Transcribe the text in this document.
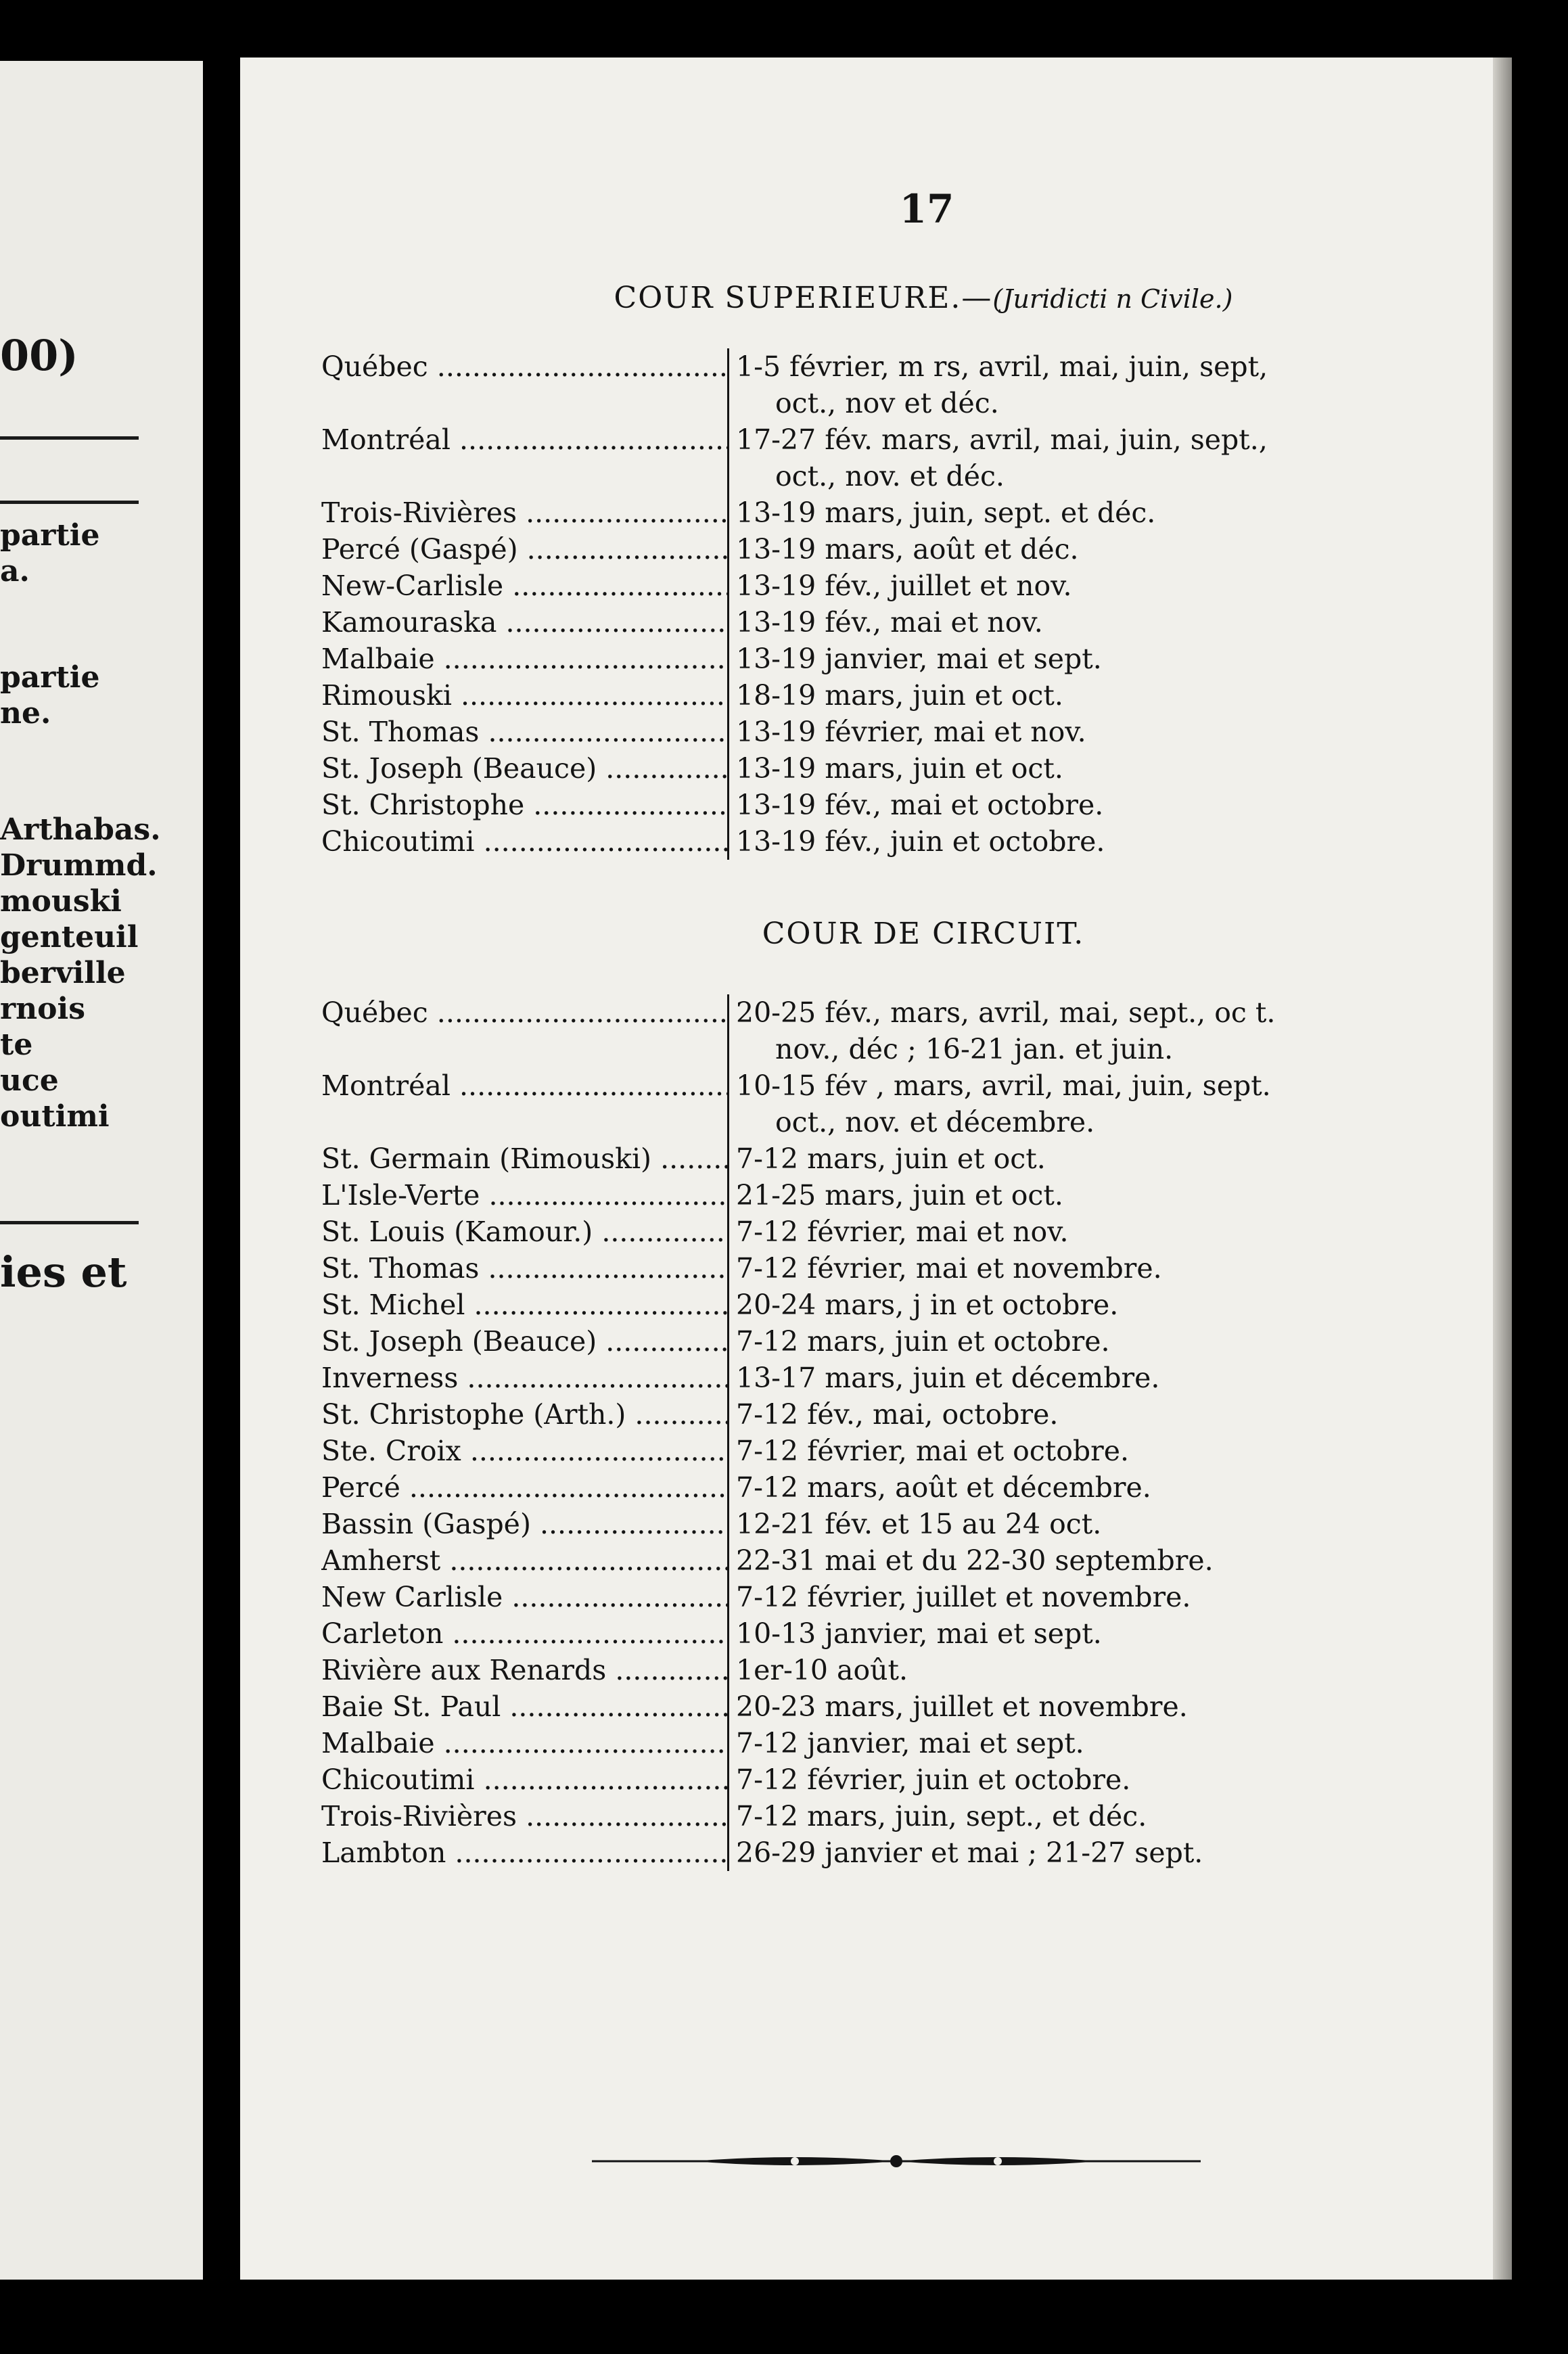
00)
partie
a.
partie
ne.
Arthabas.
Drummd.
mouski
genteuil
berville
rnois
te
uce
outimi
ies et
17
COUR SUPERIEURE.—(Juridicti n Civile.)
Québec .....	1-5 février, m rs, avril, mai, juin, sept,
oct., nov et déc.
Montréal .....	17-27 fév. mars, avril, mai, juin, sept.,
oct., nov. et déc.
Trois-Rivières .....	13-19 mars, juin, sept. et déc.
Percé (Gaspé) .....	13-19 mars, août et déc.
New-Carlisle .....	13-19 fév., juillet et nov.
Kamouraska .....	13-19 fév., mai et nov.
Malbaie .....	13-19 janvier, mai et sept.
Rimouski .....	18-19 mars, juin et oct.
St. Thomas .....	13-19 février, mai et nov.
St. Joseph (Beauce) .....	13-19 mars, juin et oct.
St. Christophe .....	13-19 fév., mai et octobre.
Chicoutimi .....	13-19 fév., juin et octobre.
COUR DE CIRCUIT.
Québec .....	20-25 fév., mars, avril, mai, sept., oc t.
nov., déc ; 16-21 jan. et juin.
Montréal .....	10-15 fév , mars, avril, mai, juin, sept.
oct., nov. et décembre.
St. Germain (Rimouski) .....	7-12 mars, juin et oct.
L'Isle-Verte .....	21-25 mars, juin et oct.
St. Louis (Kamour.) .....	7-12 février, mai et nov.
St. Thomas .....	7-12 février, mai et novembre.
St. Michel .....	20-24 mars, j in et octobre.
St. Joseph (Beauce) .....	7-12 mars, juin et octobre.
Inverness .....	13-17 mars, juin et décembre.
St. Christophe (Arth.) .....	7-12 fév., mai, octobre.
Ste. Croix .....	7-12 février, mai et octobre.
Percé .....	7-12 mars, août et décembre.
Bassin (Gaspé) .....	12-21 fév. et 15 au 24 oct.
Amherst .....	22-31 mai et du 22-30 septembre.
New Carlisle .....	7-12 février, juillet et novembre.
Carleton .....	10-13 janvier, mai et sept.
Rivière aux Renards .....	1er-10 août.
Baie St. Paul .....	20-23 mars, juillet et novembre.
Malbaie .....	7-12 janvier, mai et sept.
Chicoutimi .....	7-12 février, juin et octobre.
Trois-Rivières .....	7-12 mars, juin, sept., et déc.
Lambton .....	26-29 janvier et mai ; 21-27 sept.
